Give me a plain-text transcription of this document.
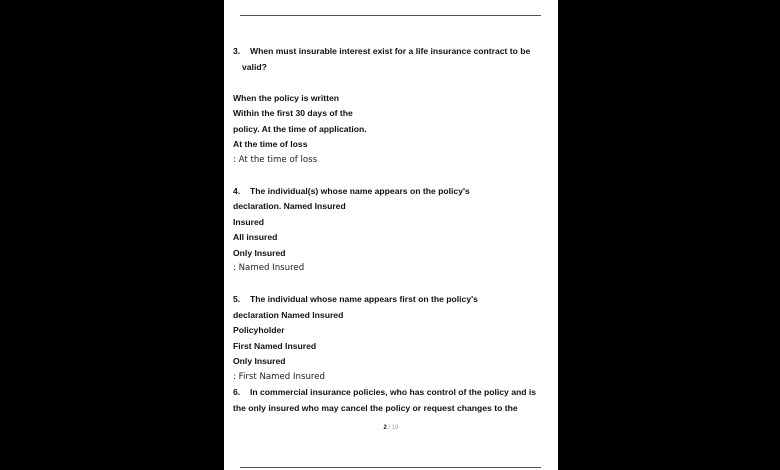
3. When must insurable interest exist for a life insurance contract to be
valid?
When the policy is written
Within the first 30 days of the
policy. At the time of application.
At the time of loss
: At the time of loss
4. The individual(s) whose name appears on the policy's
declaration. Named Insured
Insured
All insured
Only Insured
: Named Insured
5. The individual whose name appears first on the policy's
declaration Named Insured
Policyholder
First Named Insured
Only Insured
: First Named Insured
6. In commercial insurance policies, who has control of the policy and is
the only insured who may cancel the policy or request changes to the
2 / 19
